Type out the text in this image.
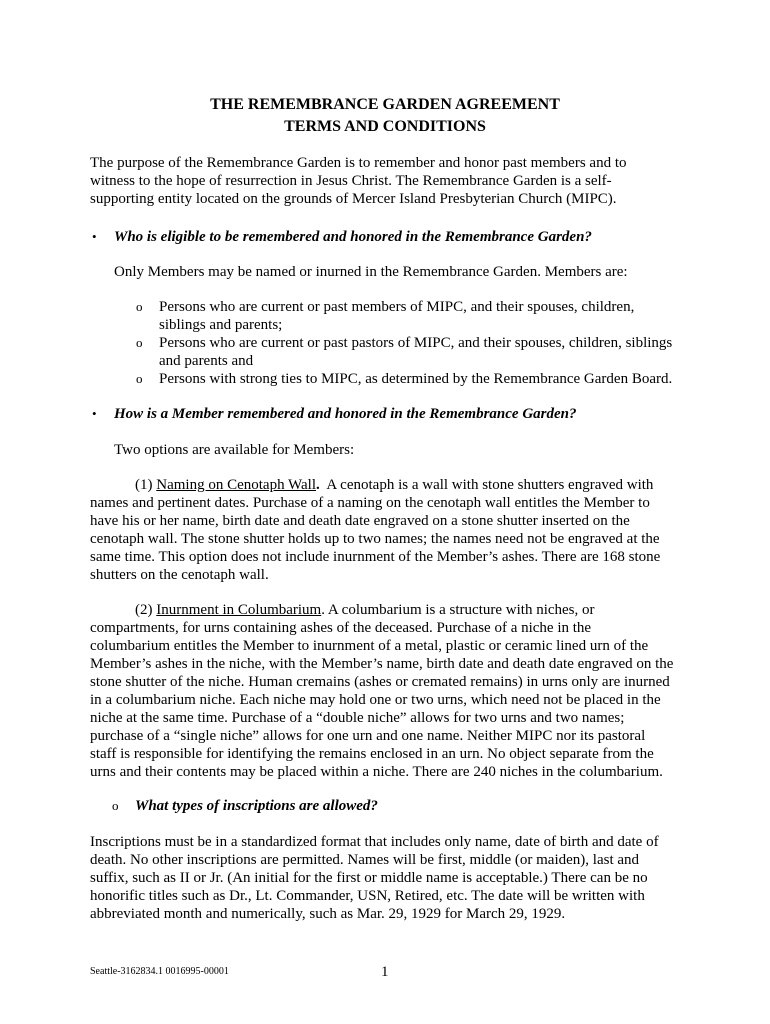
THE REMEMBRANCE GARDEN AGREEMENT
TERMS AND CONDITIONS
The purpose of the Remembrance Garden is to remember and honor past members and to
witness to the hope of resurrection in Jesus Christ. The Remembrance Garden is a self-
supporting entity located on the grounds of Mercer Island Presbyterian Church (MIPC).
• Who is eligible to be remembered and honored in the Remembrance Garden?
Only Members may be named or inurned in the Remembrance Garden. Members are:
o Persons who are current or past members of MIPC, and their spouses, children,
siblings and parents;
o Persons who are current or past pastors of MIPC, and their spouses, children, siblings
and parents and
o Persons with strong ties to MIPC, as determined by the Remembrance Garden Board.
• How is a Member remembered and honored in the Remembrance Garden?
Two options are available for Members:
(1) Naming on Cenotaph Wall.  A cenotaph is a wall with stone shutters engraved with
names and pertinent dates. Purchase of a naming on the cenotaph wall entitles the Member to
have his or her name, birth date and death date engraved on a stone shutter inserted on the
cenotaph wall. The stone shutter holds up to two names; the names need not be engraved at the
same time. This option does not include inurnment of the Member’s ashes. There are 168 stone
shutters on the cenotaph wall.
(2) Inurnment in Columbarium. A columbarium is a structure with niches, or
compartments, for urns containing ashes of the deceased. Purchase of a niche in the
columbarium entitles the Member to inurnment of a metal, plastic or ceramic lined urn of the
Member’s ashes in the niche, with the Member’s name, birth date and death date engraved on the
stone shutter of the niche. Human cremains (ashes or cremated remains) in urns only are inurned
in a columbarium niche. Each niche may hold one or two urns, which need not be placed in the
niche at the same time. Purchase of a “double niche” allows for two urns and two names;
purchase of a “single niche” allows for one urn and one name. Neither MIPC nor its pastoral
staff is responsible for identifying the remains enclosed in an urn. No object separate from the
urns and their contents may be placed within a niche. There are 240 niches in the columbarium.
o What types of inscriptions are allowed?
Inscriptions must be in a standardized format that includes only name, date of birth and date of
death. No other inscriptions are permitted. Names will be first, middle (or maiden), last and
suffix, such as II or Jr. (An initial for the first or middle name is acceptable.) There can be no
honorific titles such as Dr., Lt. Commander, USN, Retired, etc. The date will be written with
abbreviated month and numerically, such as Mar. 29, 1929 for March 29, 1929.
Seattle-3162834.1 0016995-00001	1
